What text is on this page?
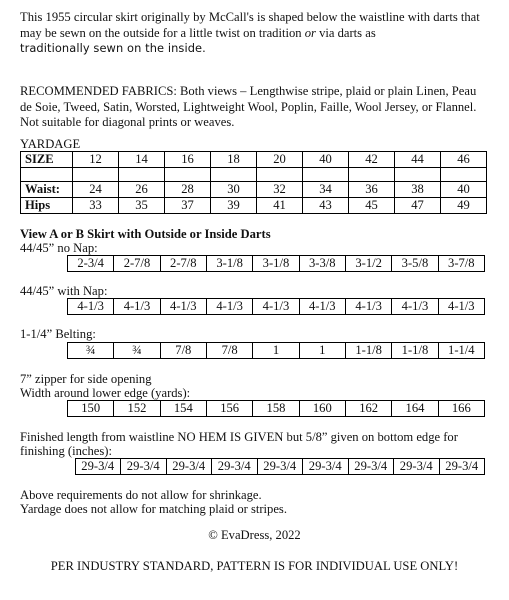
This 1955 circular skirt originally by McCall's is shaped below the waistline with darts that may be sewn on the outside for a little twist on tradition or via darts as
traditionally sewn on the inside.
RECOMMENDED FABRICS: Both views – Lengthwise stripe, plaid or plain Linen, Peau de Soie, Tweed, Satin, Worsted, Lightweight Wool, Poplin, Faille, Wool Jersey, or Flannel. Not suitable for diagonal prints or weaves.
YARDAGE
SIZE	12	14	16	18	20	40	42	44	46

Waist:	24	26	28	30	32	34	36	38	40
Hips	33	35	37	39	41	43	45	47	49
View A or B Skirt with Outside or Inside Darts
44/45” no Nap:
2-3/4	2-7/8	2-7/8	3-1/8	3-1/8	3-3/8	3-1/2	3-5/8	3-7/8
44/45” with Nap:
4-1/3	4-1/3	4-1/3	4-1/3	4-1/3	4-1/3	4-1/3	4-1/3	4-1/3
1-1/4” Belting:
¾	¾	7/8	7/8	1	1	1-1/8	1-1/8	1-1/4
7” zipper for side opening
Width around lower edge (yards):
150	152	154	156	158	160	162	164	166
Finished length from waistline NO HEM IS GIVEN but 5/8” given on bottom edge for
finishing (inches):
	29-3/4	29-3/4	29-3/4	29-3/4	29-3/4	29-3/4	29-3/4	29-3/4	29-3/4
Above requirements do not allow for shrinkage.
Yardage does not allow for matching plaid or stripes.
© EvaDress, 2022
PER INDUSTRY STANDARD, PATTERN IS FOR INDIVIDUAL USE ONLY!
